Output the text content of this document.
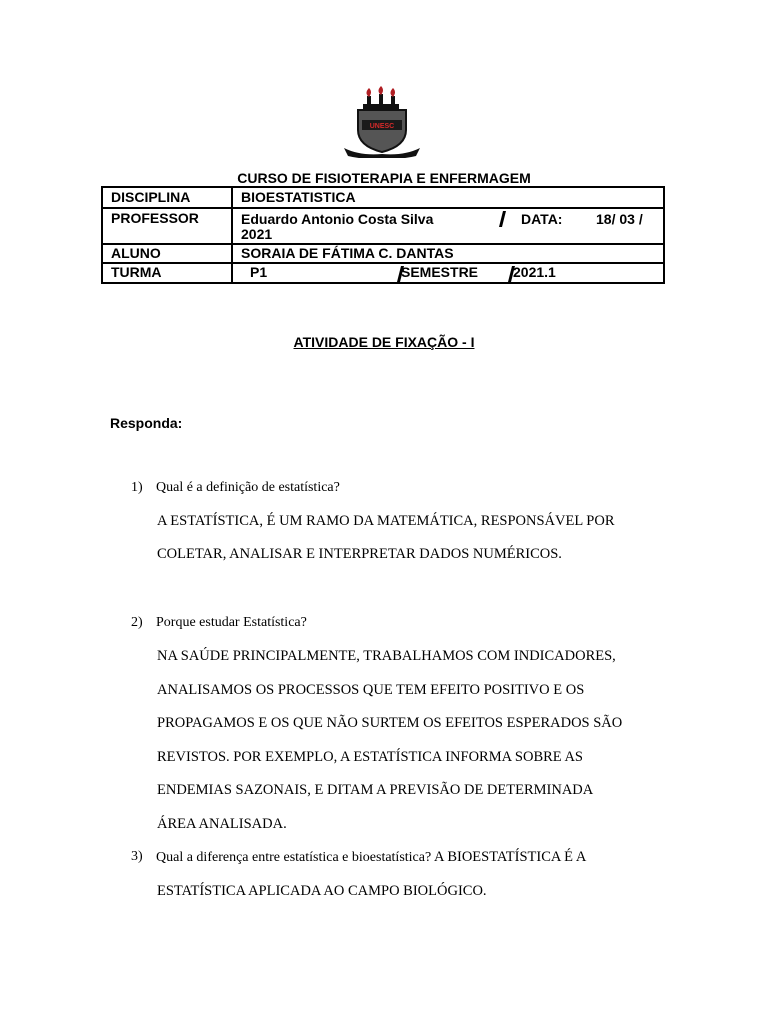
UNESC
CURSO DE FISIOTERAPIA E ENFERMAGEM
DISCIPLINA	BIOESTATISTICA
PROFESSOR	Eduardo Antonio Costa Silva	DATA: 18/ 03 /
2021
ALUNO	SORAIA DE FÁTIMA C. DANTAS
TURMA	P1	SEMESTRE 2021.1
ATIVIDADE DE FIXAÇÃO - I
Responda:
1) Qual é a definição de estatística?
A ESTATÍSTICA, É UM RAMO DA MATEMÁTICA, RESPONSÁVEL POR
COLETAR, ANALISAR E INTERPRETAR DADOS NUMÉRICOS.
2) Porque estudar Estatística?
NA SAÚDE PRINCIPALMENTE, TRABALHAMOS COM INDICADORES,
ANALISAMOS OS PROCESSOS QUE TEM EFEITO POSITIVO E OS
PROPAGAMOS E OS QUE NÃO SURTEM OS EFEITOS ESPERADOS SÃO
REVISTOS. POR EXEMPLO, A ESTATÍSTICA INFORMA SOBRE AS
ENDEMIAS SAZONAIS, E DITAM A PREVISÃO DE DETERMINADA
ÁREA ANALISADA.
3) Qual a diferença entre estatística e bioestatística? A BIOESTATÍSTICA É A
ESTATÍSTICA APLICADA AO CAMPO BIOLÓGICO.
